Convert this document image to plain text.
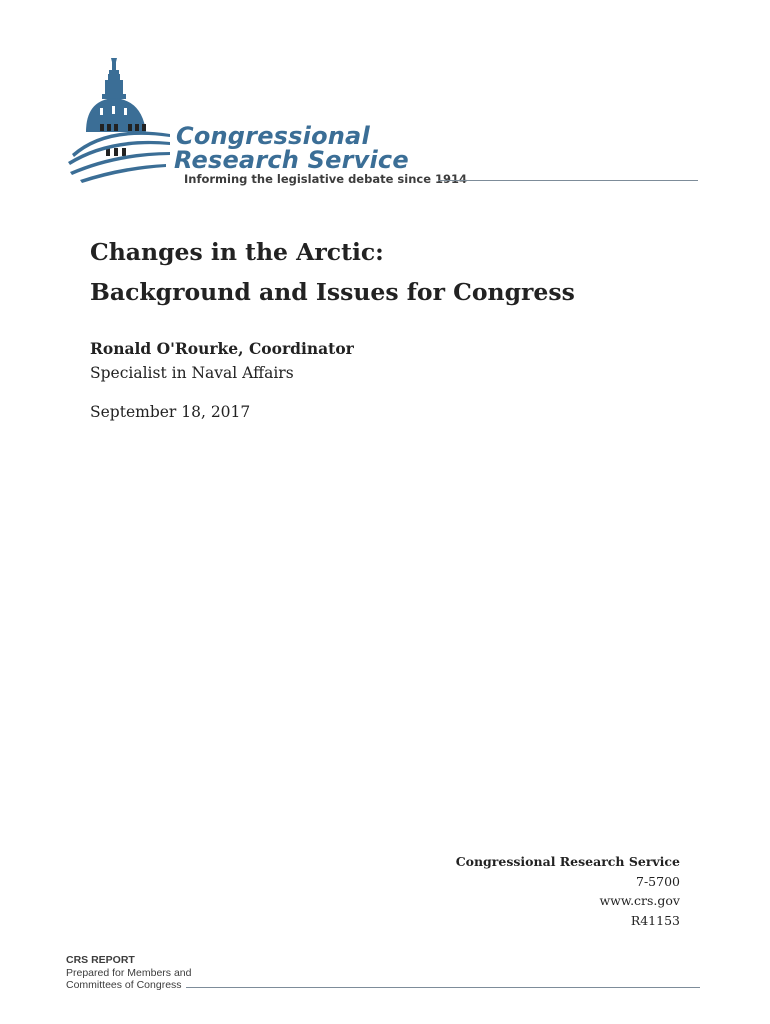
Congressional
Research Service
Informing the legislative debate since 1914
Changes in the Arctic:
Background and Issues for Congress
Ronald O'Rourke, Coordinator
Specialist in Naval Affairs
September 18, 2017
Congressional Research Service
7-5700
www.crs.gov
R41153
CRS REPORT
Prepared for Members and
Committees of Congress
